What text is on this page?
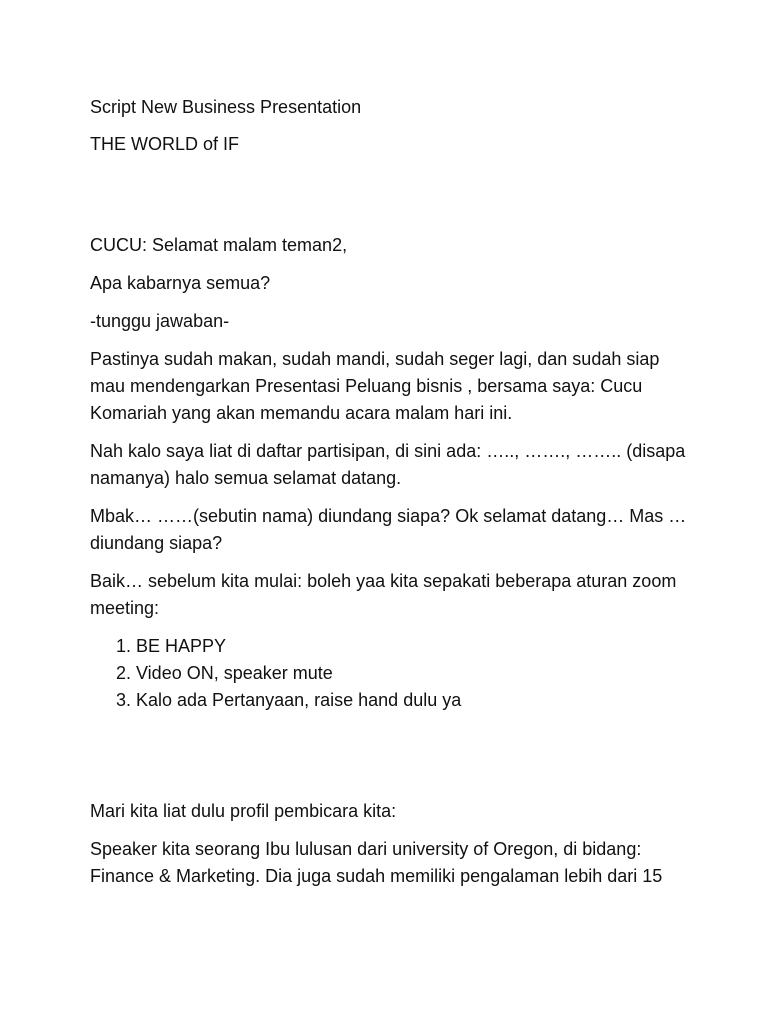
Script New Business Presentation

THE WORLD of IF

CUCU: Selamat malam teman2,

Apa kabarnya semua?

-tunggu jawaban-

Pastinya sudah makan, sudah mandi, sudah seger lagi, dan sudah siap mau mendengarkan Presentasi Peluang bisnis , bersama saya: Cucu Komariah yang akan memandu acara malam hari ini.

Nah kalo saya liat di daftar partisipan, di sini ada: ….., ……., …….. (disapa namanya) halo semua selamat datang.

Mbak… ……(sebutin nama) diundang siapa? Ok selamat datang… Mas … diundang siapa?

Baik… sebelum kita mulai: boleh yaa kita sepakati beberapa aturan zoom meeting:

1. BE HAPPY
2. Video ON, speaker mute
3. Kalo ada Pertanyaan, raise hand dulu ya

Mari kita liat dulu profil pembicara kita:

Speaker kita seorang Ibu lulusan dari university of Oregon, di bidang: Finance & Marketing. Dia juga sudah memiliki pengalaman lebih dari 15
